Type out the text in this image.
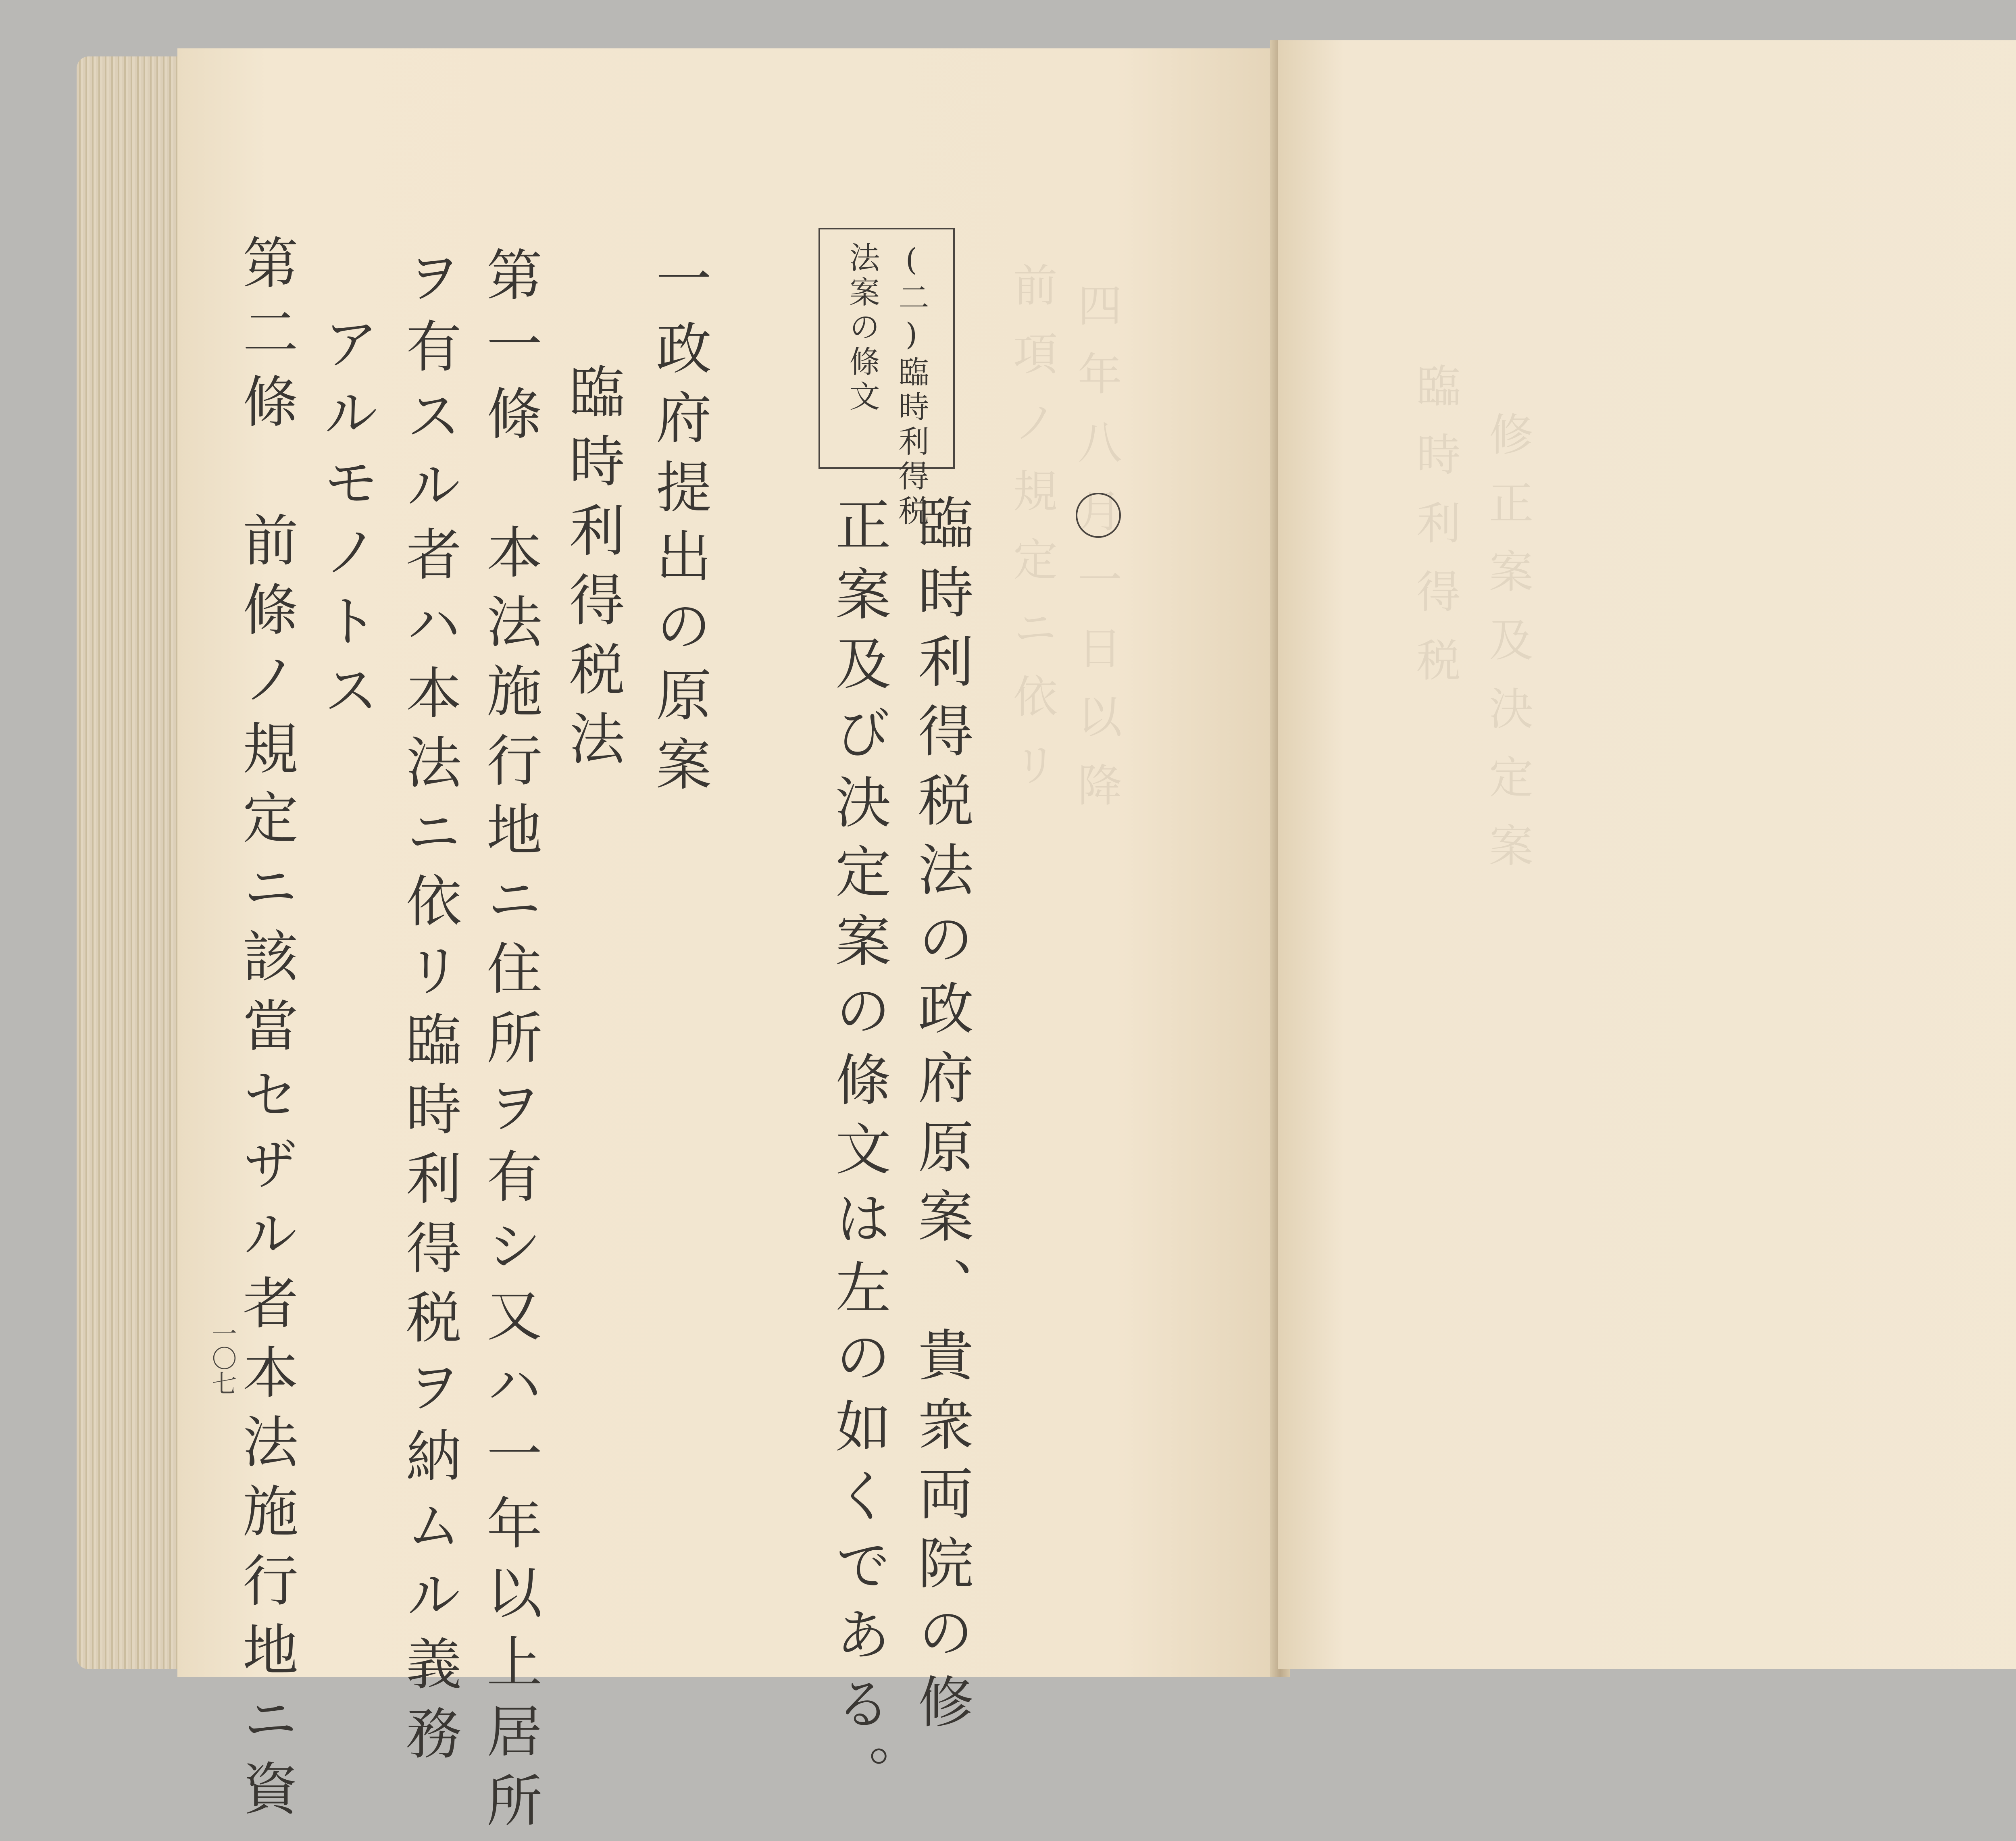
四年八月一日以降
前項ノ規定ニ依リ
(二)臨時利得税
法案の條文
臨時利得税法の政府原案、貴衆両院の修
正案及び決定案の條文は左の如くである。
一政府提出の原案
臨時利得税法
第一條　本法施行地ニ住所ヲ有シ又ハ一年以上居所
ヲ有スル者ハ本法ニ依リ臨時利得税ヲ納ムル義務
アルモノトス
第二條　前條ノ規定ニ該當セザル者本法施行地ニ資
一〇七
臨時利得税 修正案及決定案
